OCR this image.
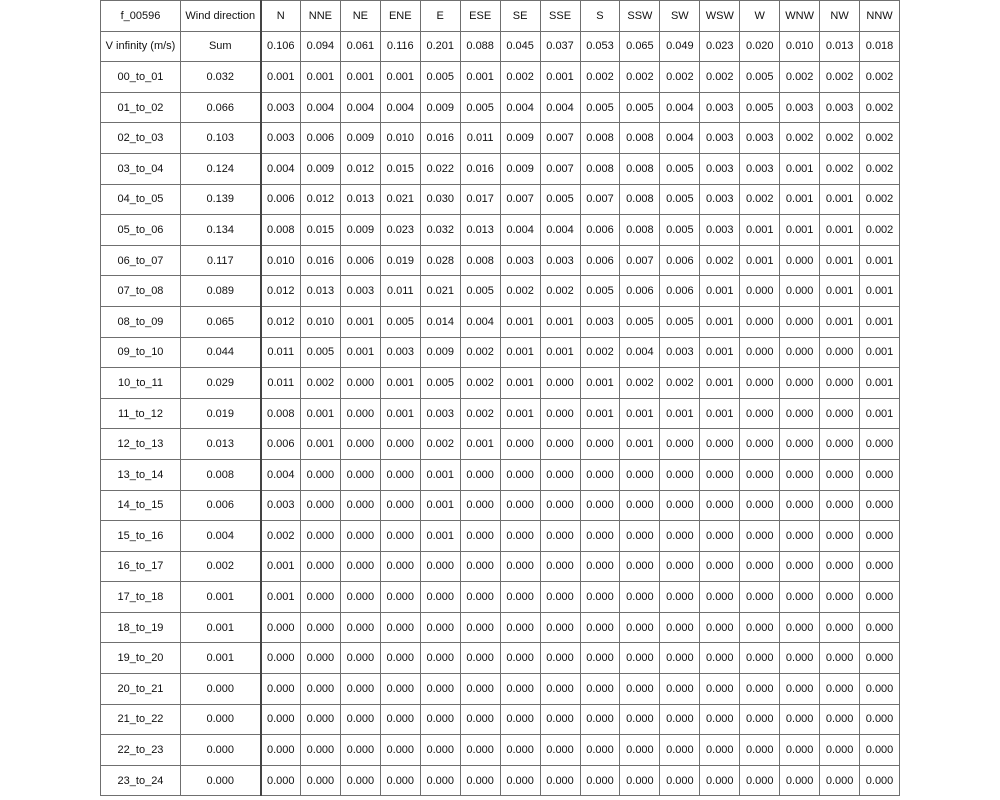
f_00596	Wind direction	N	NNE	NE	ENE	E	ESE	SE	SSE	S	SSW	SW	WSW	W	WNW	NW	NNW
V infinity (m/s)	Sum	0.106	0.094	0.061	0.116	0.201	0.088	0.045	0.037	0.053	0.065	0.049	0.023	0.020	0.010	0.013	0.018
00_to_01	0.032	0.001	0.001	0.001	0.001	0.005	0.001	0.002	0.001	0.002	0.002	0.002	0.002	0.005	0.002	0.002	0.002
01_to_02	0.066	0.003	0.004	0.004	0.004	0.009	0.005	0.004	0.004	0.005	0.005	0.004	0.003	0.005	0.003	0.003	0.002
02_to_03	0.103	0.003	0.006	0.009	0.010	0.016	0.011	0.009	0.007	0.008	0.008	0.004	0.003	0.003	0.002	0.002	0.002
03_to_04	0.124	0.004	0.009	0.012	0.015	0.022	0.016	0.009	0.007	0.008	0.008	0.005	0.003	0.003	0.001	0.002	0.002
04_to_05	0.139	0.006	0.012	0.013	0.021	0.030	0.017	0.007	0.005	0.007	0.008	0.005	0.003	0.002	0.001	0.001	0.002
05_to_06	0.134	0.008	0.015	0.009	0.023	0.032	0.013	0.004	0.004	0.006	0.008	0.005	0.003	0.001	0.001	0.001	0.002
06_to_07	0.117	0.010	0.016	0.006	0.019	0.028	0.008	0.003	0.003	0.006	0.007	0.006	0.002	0.001	0.000	0.001	0.001
07_to_08	0.089	0.012	0.013	0.003	0.011	0.021	0.005	0.002	0.002	0.005	0.006	0.006	0.001	0.000	0.000	0.001	0.001
08_to_09	0.065	0.012	0.010	0.001	0.005	0.014	0.004	0.001	0.001	0.003	0.005	0.005	0.001	0.000	0.000	0.001	0.001
09_to_10	0.044	0.011	0.005	0.001	0.003	0.009	0.002	0.001	0.001	0.002	0.004	0.003	0.001	0.000	0.000	0.000	0.001
10_to_11	0.029	0.011	0.002	0.000	0.001	0.005	0.002	0.001	0.000	0.001	0.002	0.002	0.001	0.000	0.000	0.000	0.001
11_to_12	0.019	0.008	0.001	0.000	0.001	0.003	0.002	0.001	0.000	0.001	0.001	0.001	0.001	0.000	0.000	0.000	0.001
12_to_13	0.013	0.006	0.001	0.000	0.000	0.002	0.001	0.000	0.000	0.000	0.001	0.000	0.000	0.000	0.000	0.000	0.000
13_to_14	0.008	0.004	0.000	0.000	0.000	0.001	0.000	0.000	0.000	0.000	0.000	0.000	0.000	0.000	0.000	0.000	0.000
14_to_15	0.006	0.003	0.000	0.000	0.000	0.001	0.000	0.000	0.000	0.000	0.000	0.000	0.000	0.000	0.000	0.000	0.000
15_to_16	0.004	0.002	0.000	0.000	0.000	0.001	0.000	0.000	0.000	0.000	0.000	0.000	0.000	0.000	0.000	0.000	0.000
16_to_17	0.002	0.001	0.000	0.000	0.000	0.000	0.000	0.000	0.000	0.000	0.000	0.000	0.000	0.000	0.000	0.000	0.000
17_to_18	0.001	0.001	0.000	0.000	0.000	0.000	0.000	0.000	0.000	0.000	0.000	0.000	0.000	0.000	0.000	0.000	0.000
18_to_19	0.001	0.000	0.000	0.000	0.000	0.000	0.000	0.000	0.000	0.000	0.000	0.000	0.000	0.000	0.000	0.000	0.000
19_to_20	0.001	0.000	0.000	0.000	0.000	0.000	0.000	0.000	0.000	0.000	0.000	0.000	0.000	0.000	0.000	0.000	0.000
20_to_21	0.000	0.000	0.000	0.000	0.000	0.000	0.000	0.000	0.000	0.000	0.000	0.000	0.000	0.000	0.000	0.000	0.000
21_to_22	0.000	0.000	0.000	0.000	0.000	0.000	0.000	0.000	0.000	0.000	0.000	0.000	0.000	0.000	0.000	0.000	0.000
22_to_23	0.000	0.000	0.000	0.000	0.000	0.000	0.000	0.000	0.000	0.000	0.000	0.000	0.000	0.000	0.000	0.000	0.000
23_to_24	0.000	0.000	0.000	0.000	0.000	0.000	0.000	0.000	0.000	0.000	0.000	0.000	0.000	0.000	0.000	0.000	0.000
